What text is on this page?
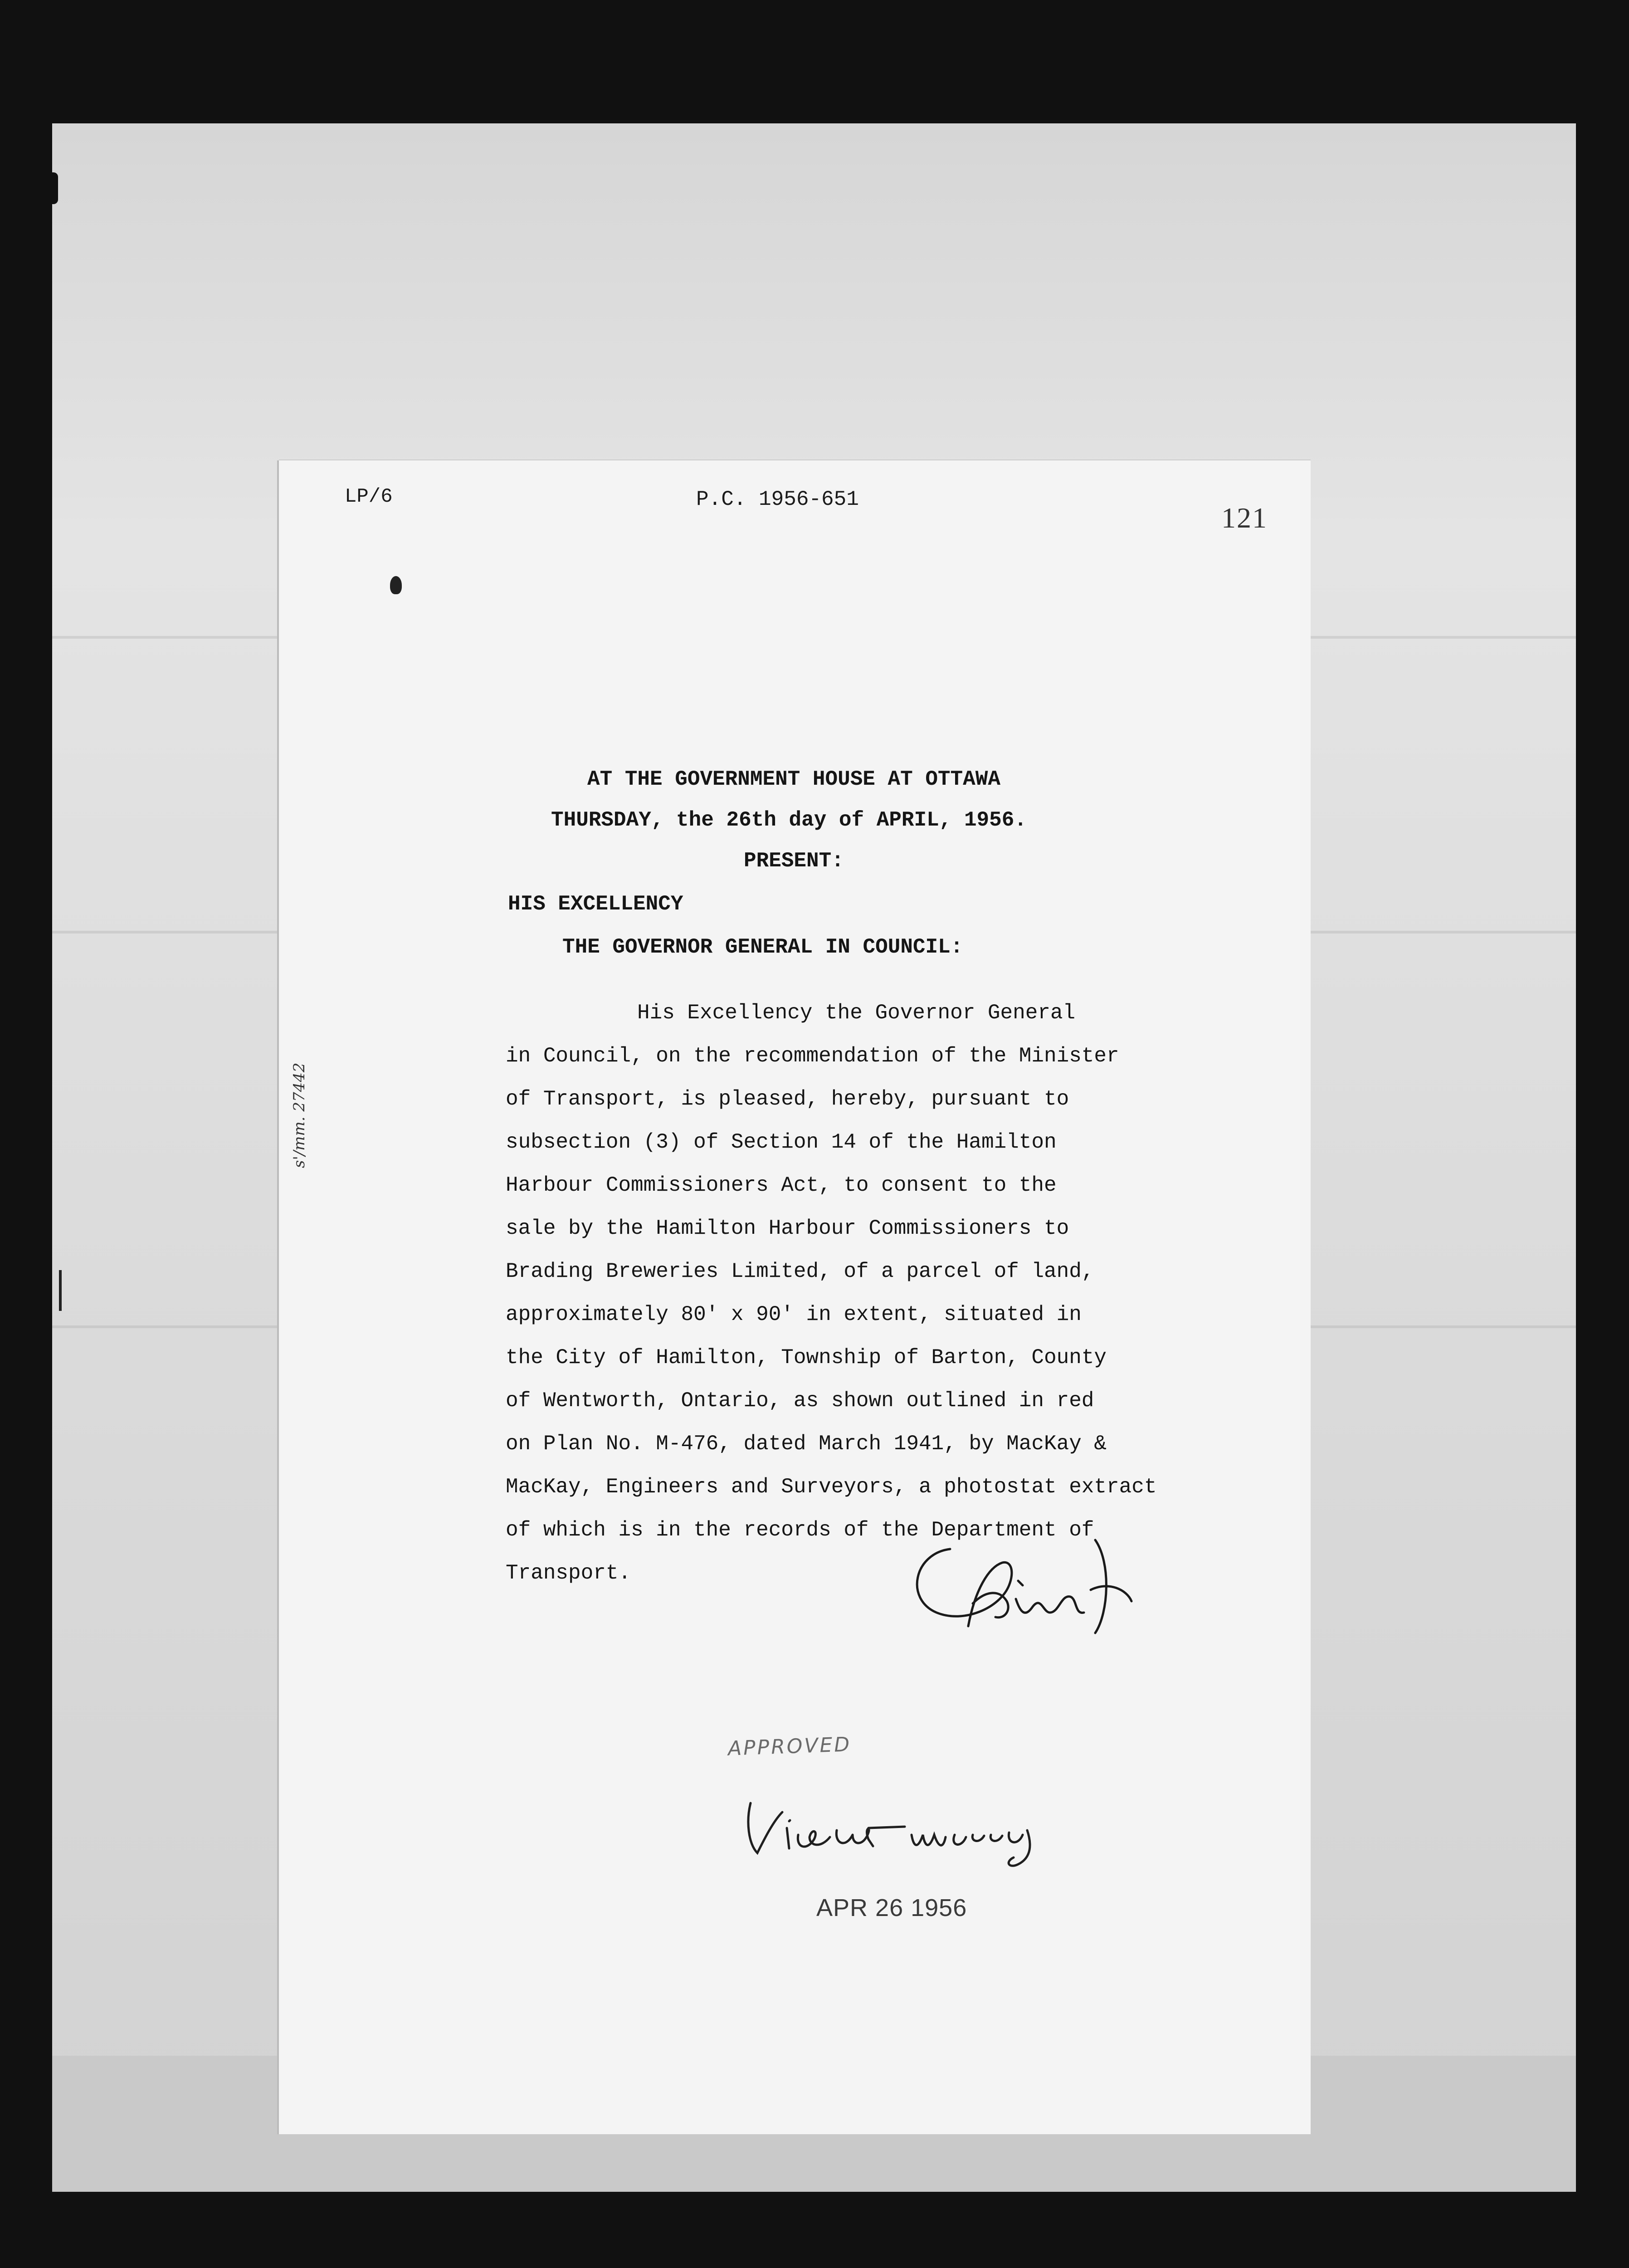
LP/6	P.C. 1956-651
121
AT THE GOVERNMENT HOUSE AT OTTAWA
THURSDAY, the 26th day of APRIL, 1956.
PRESENT:
HIS EXCELLENCY
THE GOVERNOR GENERAL IN COUNCIL:
His Excellency the Governor General
in Council, on the recommendation of the Minister
of Transport, is pleased, hereby, pursuant to
subsection (3) of Section 14 of the Hamilton
Harbour Commissioners Act, to consent to the
sale by the Hamilton Harbour Commissioners to
Brading Breweries Limited, of a parcel of land,
approximately 80' x 90' in extent, situated in
the City of Hamilton, Township of Barton, County
of Wentworth, Ontario, as shown outlined in red
on Plan No. M-476, dated March 1941, by MacKay &
MacKay, Engineers and Surveyors, a photostat extract
of which is in the records of the Department of
Transport.
s'/mm. 27442
APPROVED
APR 26 1956
